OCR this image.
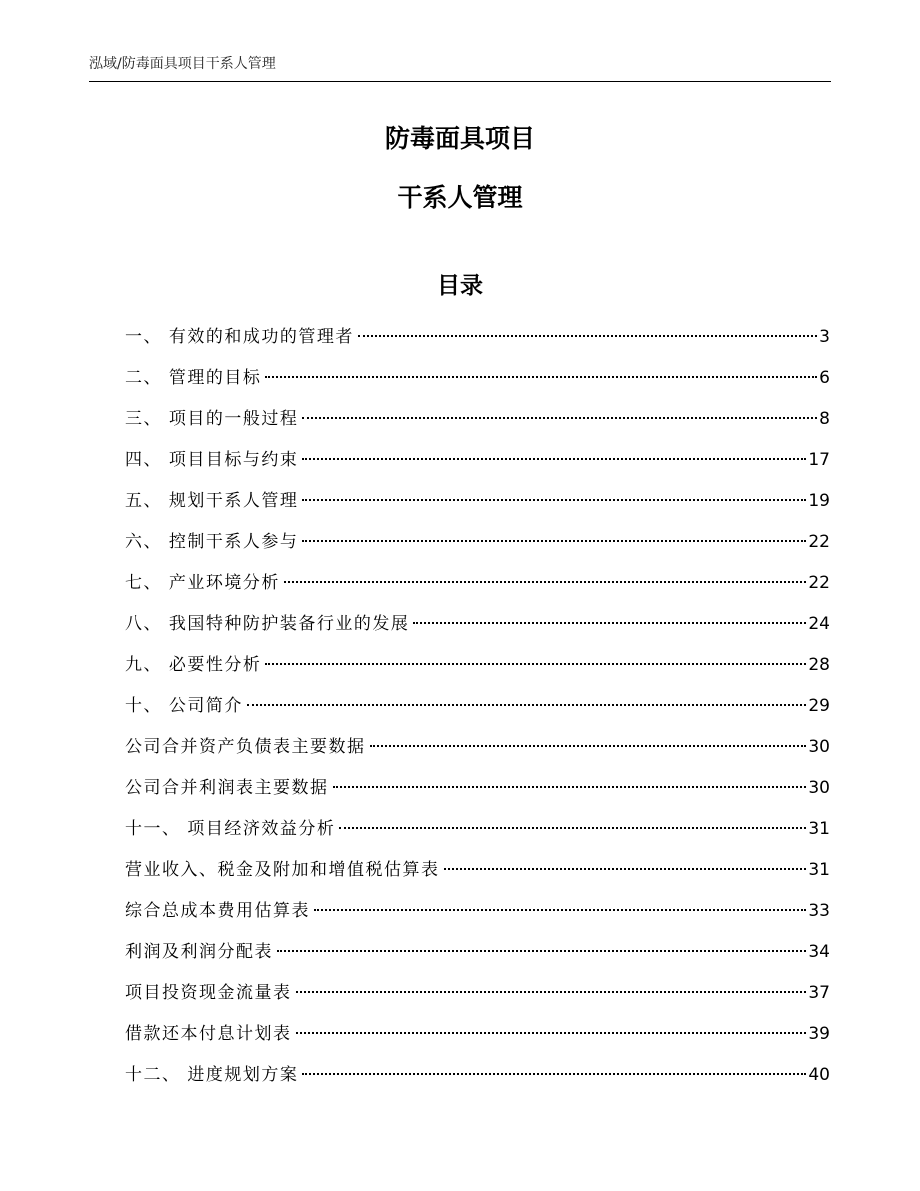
泓域/防毒面具项目干系人管理
防毒面具项目
干系人管理
目录
一、 有效的和成功的管理者	3
二、 管理的目标	6
三、 项目的一般过程	8
四、 项目目标与约束	17
五、 规划干系人管理	19
六、 控制干系人参与	22
七、 产业环境分析	22
八、 我国特种防护装备行业的发展	24
九、 必要性分析	28
十、 公司简介	29
公司合并资产负债表主要数据	30
公司合并利润表主要数据	30
十一、 项目经济效益分析	31
营业收入、税金及附加和增值税估算表	31
综合总成本费用估算表	33
利润及利润分配表	34
项目投资现金流量表	37
借款还本付息计划表	39
十二、 进度规划方案	40
